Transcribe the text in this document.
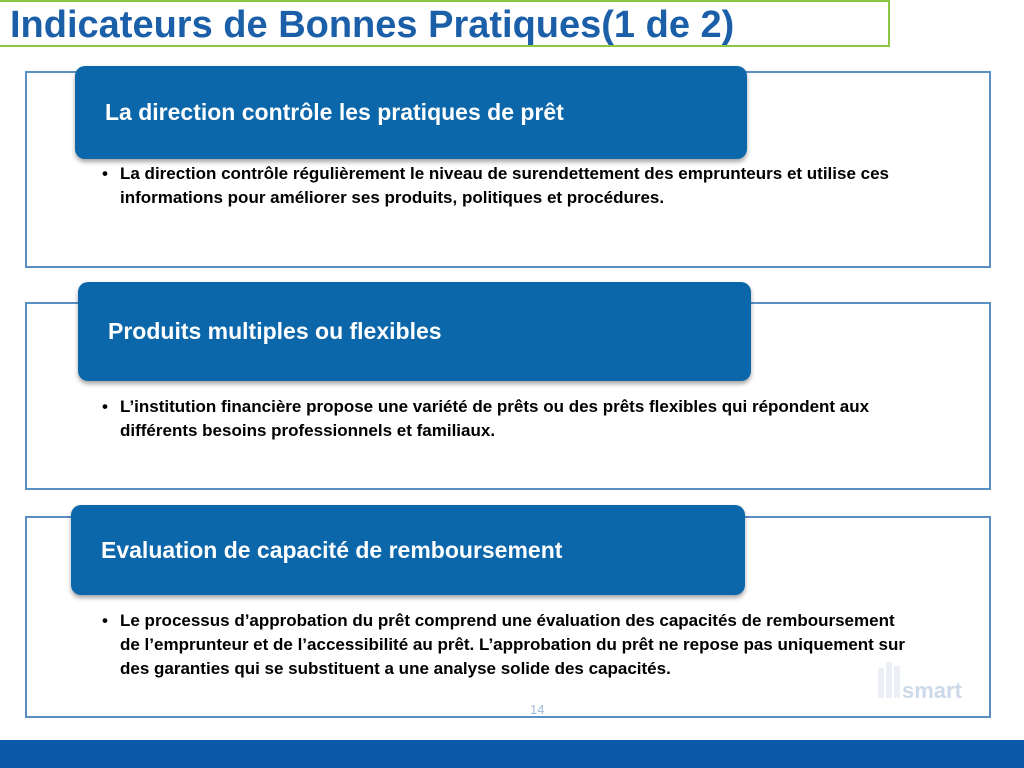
Indicateurs de Bonnes Pratiques(1 de 2)
La direction contrôle les pratiques de prêt
• La direction contrôle régulièrement le niveau de surendettement des emprunteurs et utilise ces informations pour améliorer ses produits, politiques et procédures.
Produits multiples ou flexibles
• L’institution financière propose une variété de prêts ou des prêts flexibles qui répondent aux différents besoins professionnels et familiaux.
Evaluation de capacité de remboursement
• Le processus d’approbation du prêt comprend une évaluation des capacités de remboursement de l’emprunteur et de l’accessibilité au prêt. L’approbation du prêt ne repose pas uniquement sur des garanties qui se substituent a une analyse solide des capacités.
14
smart
